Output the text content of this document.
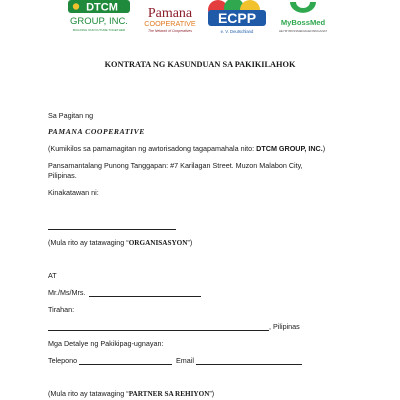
DTCM
GROUP, INC.
BUILDING OUR FUTURE TOGETHER
Pamana
COOPERATIVE
The Network of Cooperatives
ECPP
e. V. Deutschland
MyBossMed
HEYMYBOSSMEDIAGENSINGANAT
KONTRATA NG KASUNDUAN SA PAKIKILAHOK
Sa Pagitan ng
PAMANA COOPERATIVE
(Kumikilos sa pamamagitan ng awtorisadong tagapamahala nito: DTCM GROUP, INC.)
Pansamantalang Punong Tanggapan: #7 Karilagan Street. Muzon Malabon City,
Pilipinas.
Kinakatawan ni:
(Mula rito ay tatawaging “ORGANISASYON”)
AT
Mr./Ms/Mrs.
Tirahan:
, Pilipinas
Mga Detalye ng Pakikipag-ugnayan:
Telepono	Email
(Mula rito ay tatawaging “PARTNER SA REHIYON”)
